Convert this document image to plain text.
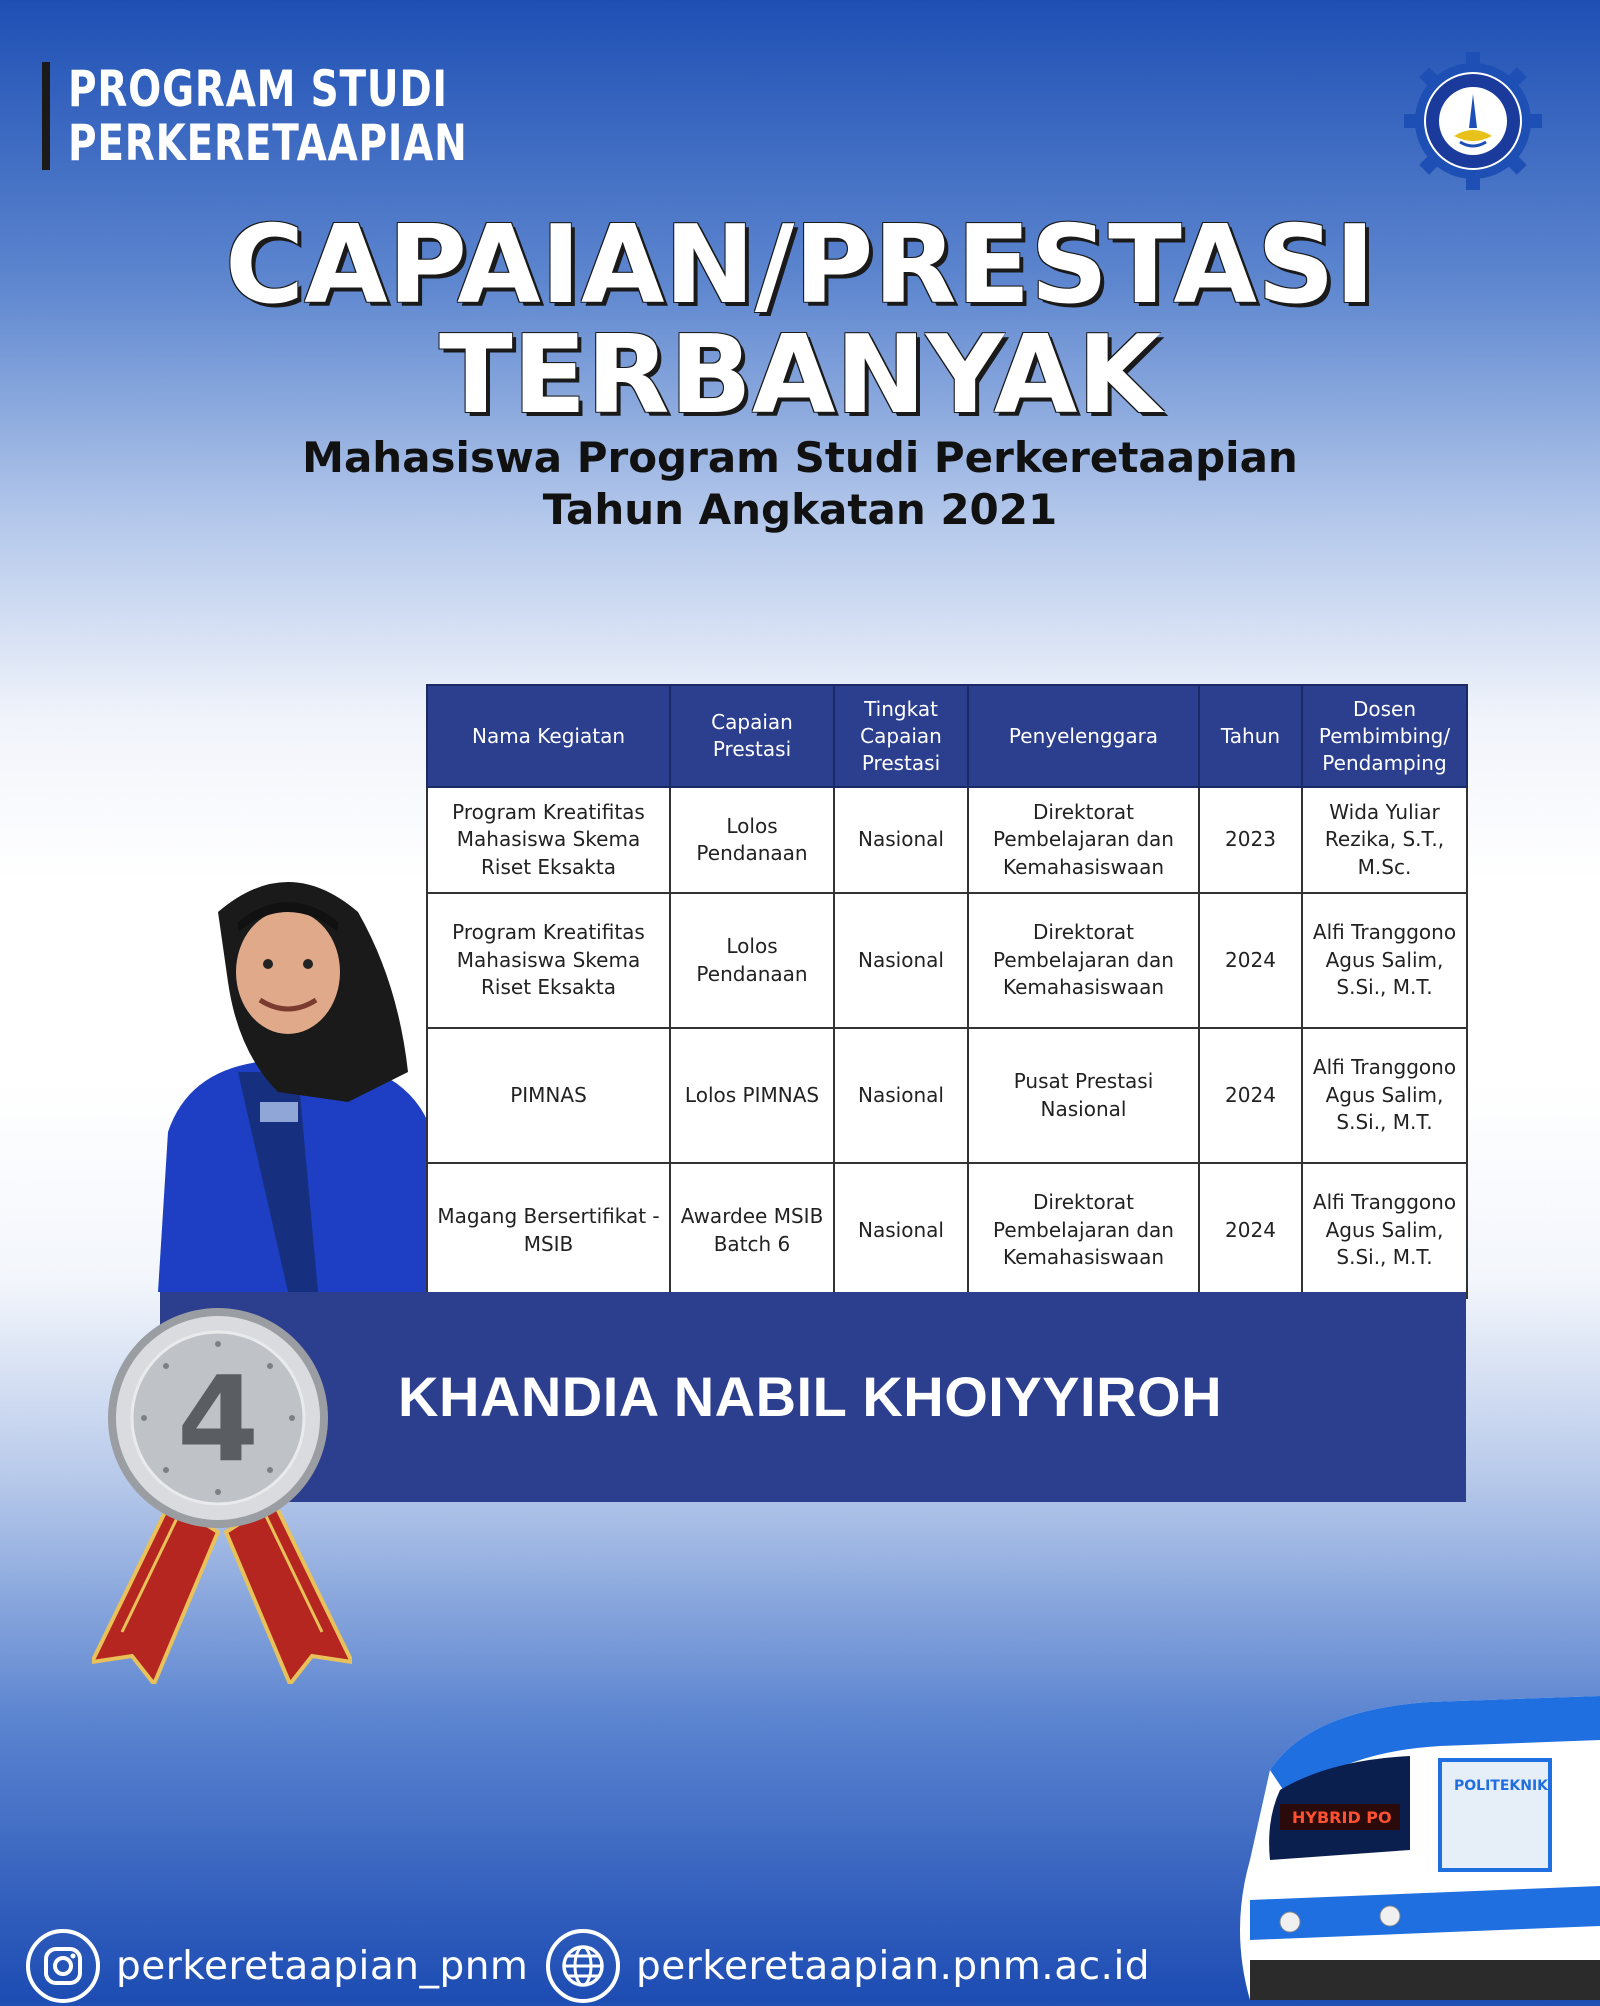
PROGRAM STUDI
PERKERETAAPIAN
CAPAIAN/PRESTASI
TERBANYAK
Mahasiswa Program Studi Perkeretaapian
Tahun Angkatan 2021
Nama Kegiatan	Capaian Prestasi	Tingkat Capaian Prestasi	Penyelenggara	Tahun	Dosen Pembimbing/ Pendamping
Program Kreatifitas Mahasiswa Skema Riset Eksakta	Lolos Pendanaan	Nasional	Direktorat Pembelajaran dan Kemahasiswaan	2023	Wida Yuliar Rezika, S.T., M.Sc.
Program Kreatifitas Mahasiswa Skema Riset Eksakta	Lolos Pendanaan	Nasional	Direktorat Pembelajaran dan Kemahasiswaan	2024	Alfi Tranggono Agus Salim, S.Si., M.T.
PIMNAS	Lolos PIMNAS	Nasional	Pusat Prestasi Nasional	2024	Alfi Tranggono Agus Salim, S.Si., M.T.
Magang Bersertifikat - MSIB	Awardee MSIB Batch 6	Nasional	Direktorat Pembelajaran dan Kemahasiswaan	2024	Alfi Tranggono Agus Salim, S.Si., M.T.
KHANDIA NABIL KHOIYYIROH
4
HYBRID PO
POLITEKNIK
perkeretaapian_pnm	perkeretaapian.pnm.ac.id
